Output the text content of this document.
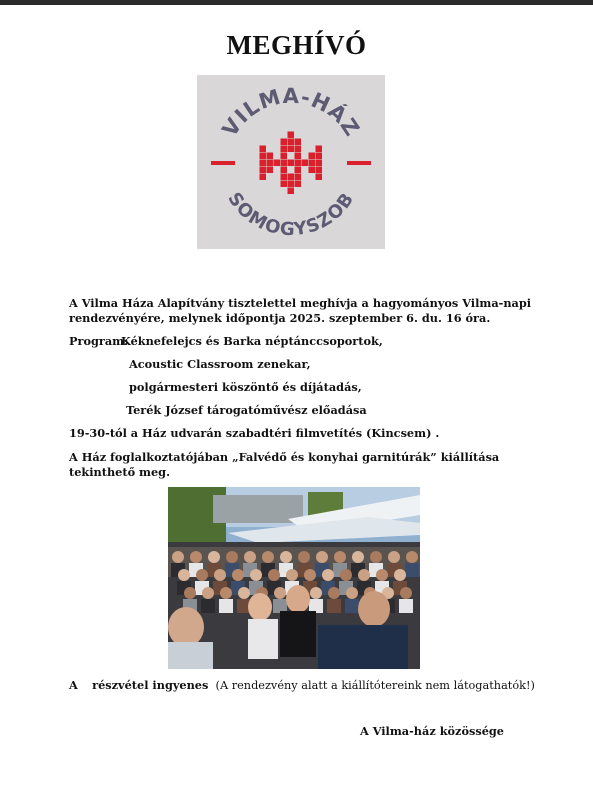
MEGHÍVÓ
VILMA-HÁZ
SOMOGYSZOB
A Vilma Háza Alapítvány tisztelettel meghívja a hagyományos Vilma-napi
rendezvényére, melynek időpontja 2025. szeptember 6. du. 16 óra.
Program:
Kéknefelejcs és Barka néptánccsoportok,
Acoustic Classroom zenekar,
polgármesteri köszöntő és díjátadás,
Terék József tárogatóművész előadása
19-30-tól a Ház udvarán szabadtéri filmvetítés (Kincsem) .
A Ház foglalkoztatójában „Falvédő és konyhai garnitúrák” kiállítása
tekinthető meg.
A részvétel ingyenes (A rendezvény alatt a kiállítótereink nem látogathatók!)
A Vilma-ház közössége
